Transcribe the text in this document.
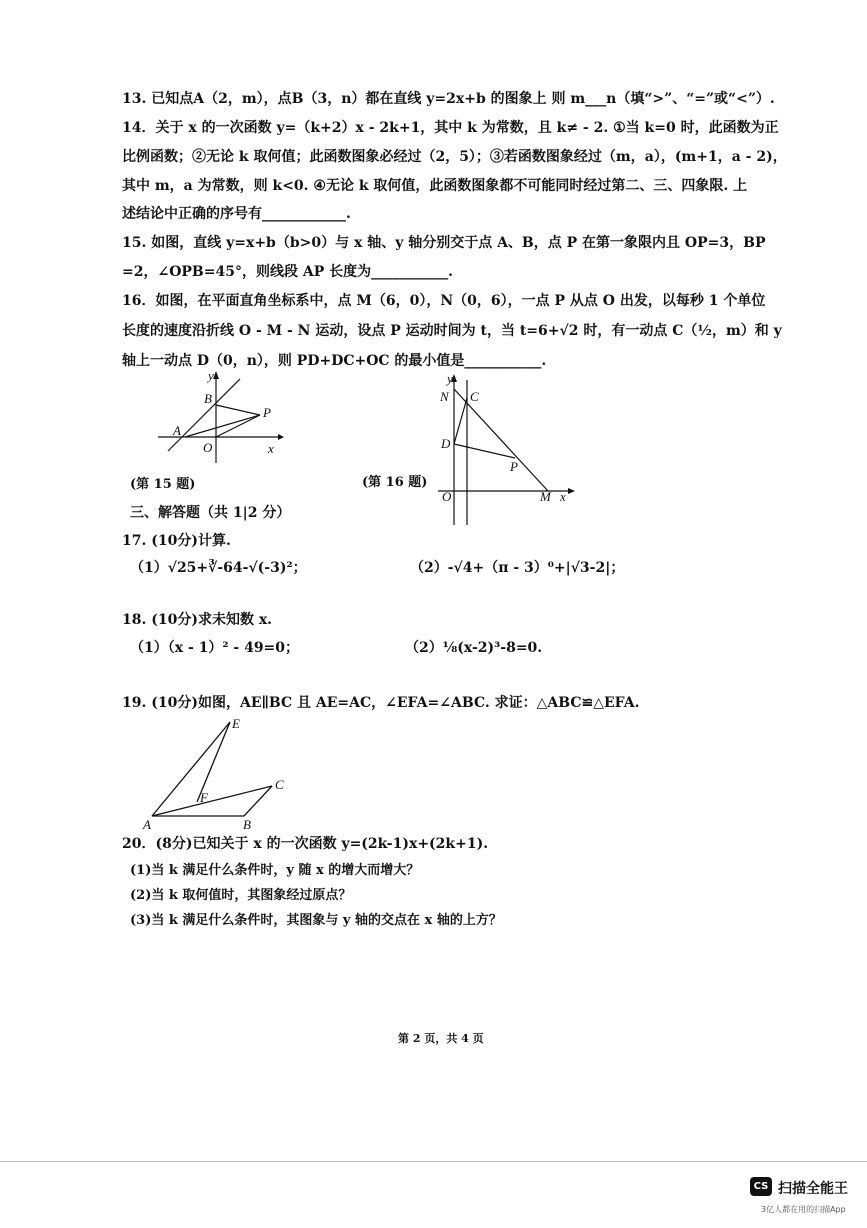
13. 已知点A（2，m），点B（3，n）都在直线 y=2x+b 的图象上 则 m___n（填“>”、“=”或“<”）.
14．关于 x 的一次函数 y=（k+2）x - 2k+1，其中 k 为常数，且 k≠ - 2. ①当 k=0 时，此函数为正
比例函数；②无论 k 取何值；此函数图象必经过（2，5）；③若函数图象经过（m，a），(m+1，a - 2)，
其中 m，a 为常数，则 k<0. ④无论 k 取何值，此函数图象都不可能同时经过第二、三、四象限. 上
述结论中正确的序号有____________.
15. 如图，直线 y=x+b（b>0）与 x 轴、y 轴分别交于点 A、B，点 P 在第一象限内且 OP=3，BP
=2，∠OPB=45°，则线段 AP 长度为___________.
16．如图，在平面直角坐标系中，点 M（6，0），N（0，6），一点 P 从点 O 出发，以每秒 1 个单位
长度的速度沿折线 O - M - N 运动，设点 P 运动时间为 t，当 t=6+√2 时，有一动点 C（½，m）和 y
轴上一动点 D（0，n），则 PD+DC+OC 的最小值是___________.
y
B
P
A
O	x
y
N C
D
P
O	M x
(第 15 题)	(第 16 题)
三、解答题（共 1|2 分）
17. (10分)计算.
（1）√25+∛-64-√(-3)²；	（2）-√4+（π - 3）⁰+|√3-2|；
18. (10分)求未知数 x.
（1）（x - 1）² - 49=0；	（2）⅛(x-2)³-8=0.
19. (10分)如图，AE∥BC 且 AE=AC，∠EFA=∠ABC. 求证：△ABC≌△EFA.
E
C
F
A	B
20．(8分)已知关于 x 的一次函数 y=(2k-1)x+(2k+1).
(1)当 k 满足什么条件时，y 随 x 的增大而增大？
(2)当 k 取何值时，其图象经过原点？
(3)当 k 满足什么条件时，其图象与 y 轴的交点在 x 轴的上方？
第 2 页，共 4 页
CS 扫描全能王
3亿人都在用的扫描App
